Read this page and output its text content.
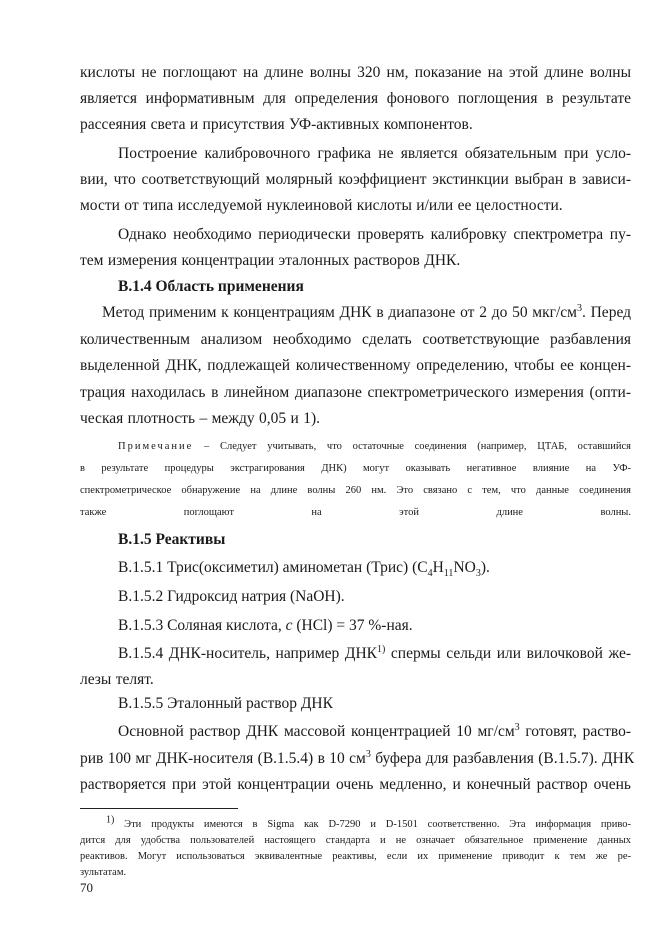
кислоты не поглощают на длине волны 320 нм, показание на этой длине волны
является информативным для определения фонового поглощения в результате
рассеяния света и присутствия УФ-активных компонентов.
Построение калибровочного графика не является обязательным при усло-
вии, что соответствующий молярный коэффициент экстинкции выбран в зависи-
мости от типа исследуемой нуклеиновой кислоты и/или ее целостности.
Однако необходимо периодически проверять калибровку спектрометра пу-
тем измерения концентрации эталонных растворов ДНК.
В.1.4 Область применения
Метод применим к концентрациям ДНК в диапазоне от 2 до 50 мкг/$см^3$. Перед
количественным анализом необходимо сделать соответствующие разбавления
выделенной ДНК, подлежащей количественному определению, чтобы ее концен-
трация находилась в линейном диапазоне спектрометрического измерения (опти-
ческая плотность – между 0,05 и 1).
Примечание – Следует учитывать, что остаточные соединения (например, ЦТАБ, оставшийся
в результате процедуры экстрагирования ДНК) могут оказывать негативное влияние на УФ-
спектрометрическое обнаружение на длине волны 260 нм. Это связано с тем, что данные соединения
также поглощают на этой длине волны.
В.1.5 Реактивы
В.1.5.1 Трис(оксиметил) аминометан (Трис) $(C_4H_{11}NO_3)$.
В.1.5.2 Гидроксид натрия (NaOH).
В.1.5.3 Соляная кислота, c (HCl) = 37 %-ная.
В.1.5.4 ДНК-носитель, например ДНК$^{1)}$ спермы сельди или вилочковой же-
лезы телят.
В.1.5.5 Эталонный раствор ДНК
Основной раствор ДНК массовой концентрацией 10 $мг/см^3$ готовят, раство-
рив 100 мг ДНК-носителя (В.1.5.4) в 10 $см^3$ буфера для разбавления (В.1.5.7). ДНК
растворяется при этой концентрации очень медленно, и конечный раствор очень
$^{1)}$ Эти продукты имеются в Sigma как D-7290 и D-1501 соответственно. Эта информация приво-
дится для удобства пользователей настоящего стандарта и не означает обязательное применение данных
реактивов. Могут использоваться эквивалентные реактивы, если их применение приводит к тем же ре-
зультатам.
70
